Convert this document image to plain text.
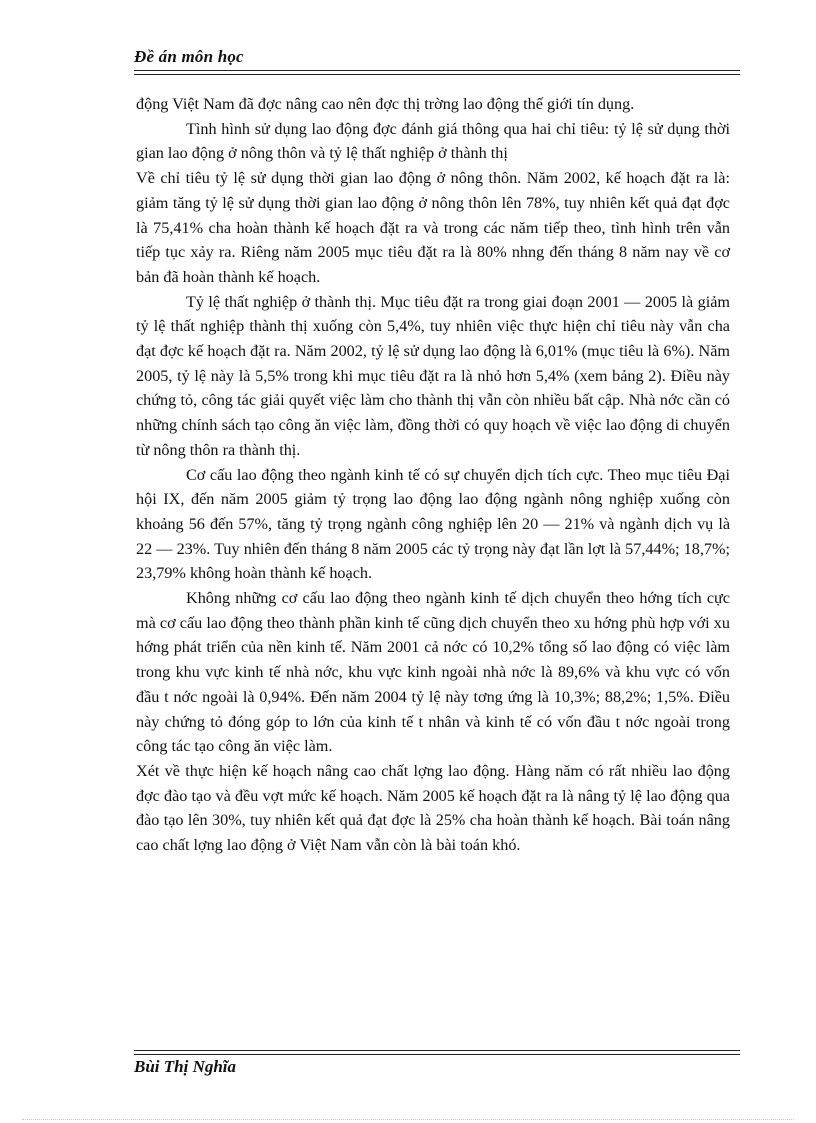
Đề án môn học

động Việt Nam đã đợc nâng cao nên đợc thị trờng lao động thế giới tín dụng.

Tình hình sử dụng lao động đợc đánh giá thông qua hai chỉ tiêu: tỷ lệ sử dụng thời gian lao động ở nông thôn và tỷ lệ thất nghiệp ở thành thị

Về chỉ tiêu tỷ lệ sử dụng thời gian lao động ở nông thôn. Năm 2002, kế hoạch đặt ra là: giảm tăng tỷ lệ sử dụng thời gian lao động ở nông thôn lên 78%, tuy nhiên kết quả đạt đợc là 75,41% cha hoàn thành kế hoạch đặt ra và trong các năm tiếp theo, tình hình trên vẫn tiếp tục xảy ra. Riêng năm 2005 mục tiêu đặt ra là 80% nhng đến tháng 8 năm nay về cơ bản đã hoàn thành kế hoạch.

Tỷ lệ thất nghiệp ở thành thị. Mục tiêu đặt ra trong giai đoạn 2001 — 2005 là giảm tỷ lệ thất nghiệp thành thị xuống còn 5,4%, tuy nhiên việc thực hiện chỉ tiêu này vẫn cha đạt đợc kế hoạch đặt ra. Năm 2002, tỷ lệ sử dụng lao động là 6,01% (mục tiêu là 6%). Năm 2005, tỷ lệ này là 5,5% trong khi mục tiêu đặt ra là nhỏ hơn 5,4% (xem bảng 2). Điều này chứng tỏ, công tác giải quyết việc làm cho thành thị vẫn còn nhiều bất cập. Nhà nớc cần có những chính sách tạo công ăn việc làm, đồng thời có quy hoạch về việc lao động di chuyển từ nông thôn ra thành thị.

Cơ cấu lao động theo ngành kinh tế có sự chuyển dịch tích cực. Theo mục tiêu Đại hội IX, đến năm 2005 giảm tỷ trọng lao động lao động ngành nông nghiệp xuống còn khoảng 56 đến 57%, tăng tỷ trọng ngành công nghiệp lên 20 — 21% và ngành dịch vụ là 22 — 23%. Tuy nhiên đến tháng 8 năm 2005 các tỷ trọng này đạt lần lợt là 57,44%; 18,7%; 23,79% không hoàn thành kế hoạch.

Không những cơ cấu lao động theo ngành kinh tế dịch chuyển theo hớng tích cực mà cơ cấu lao động theo thành phần kinh tế cũng dịch chuyển theo xu hớng phù hợp với xu hớng phát triển của nền kinh tế. Năm 2001 cả nớc có 10,2% tổng số lao động có việc làm trong khu vực kinh tế nhà nớc, khu vực kinh ngoài nhà nớc là 89,6% và khu vực có vốn đầu t nớc ngoài là 0,94%. Đến năm 2004 tỷ lệ này tơng ứng là 10,3%; 88,2%; 1,5%. Điều này chứng tỏ đóng góp to lớn của kinh tế t nhân và kinh tế có vốn đầu t nớc ngoài trong công tác tạo công ăn việc làm.

Xét về thực hiện kế hoạch nâng cao chất lợng lao động. Hàng năm có rất nhiều lao động đợc đào tạo và đều vợt mức kế hoạch. Năm 2005 kế hoạch đặt ra là nâng tỷ lệ lao động qua đào tạo lên 30%, tuy nhiên kết quả đạt đợc là 25% cha hoàn thành kế hoạch. Bài toán nâng cao chất lợng lao động ở Việt Nam vẫn còn là bài toán khó.

Bùi Thị Nghĩa
